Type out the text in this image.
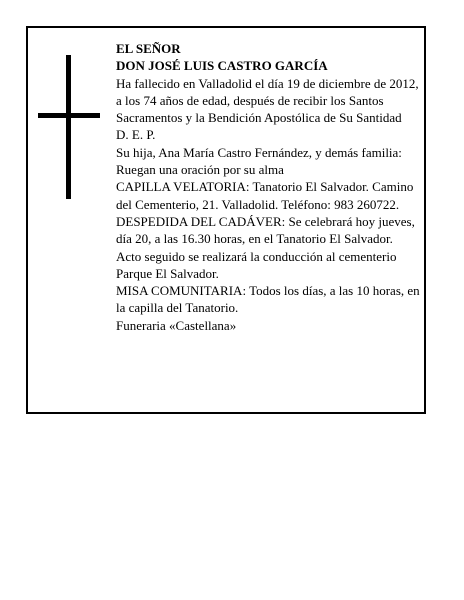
EL SEÑOR

DON JOSÉ LUIS CASTRO GARCÍA

Ha fallecido en Valladolid el día 19 de diciembre de 2012, a los 74 años de edad, después de recibir los Santos Sacramentos y la Bendición Apostólica de Su Santidad

D. E. P.

Su hija, Ana María Castro Fernández, y demás familia:

Ruegan una oración por su alma

CAPILLA VELATORIA: Tanatorio El Salvador. Camino del Cementerio, 21. Valladolid. Teléfono: 983 260722.

DESPEDIDA DEL CADÁVER: Se celebrará hoy jueves, día 20, a las 16.30 horas, en el Tanatorio El Salvador. Acto seguido se realizará la conducción al cementerio Parque El Salvador.

MISA COMUNITARIA: Todos los días, a las 10 horas, en la capilla del Tanatorio.

Funeraria «Castellana»
